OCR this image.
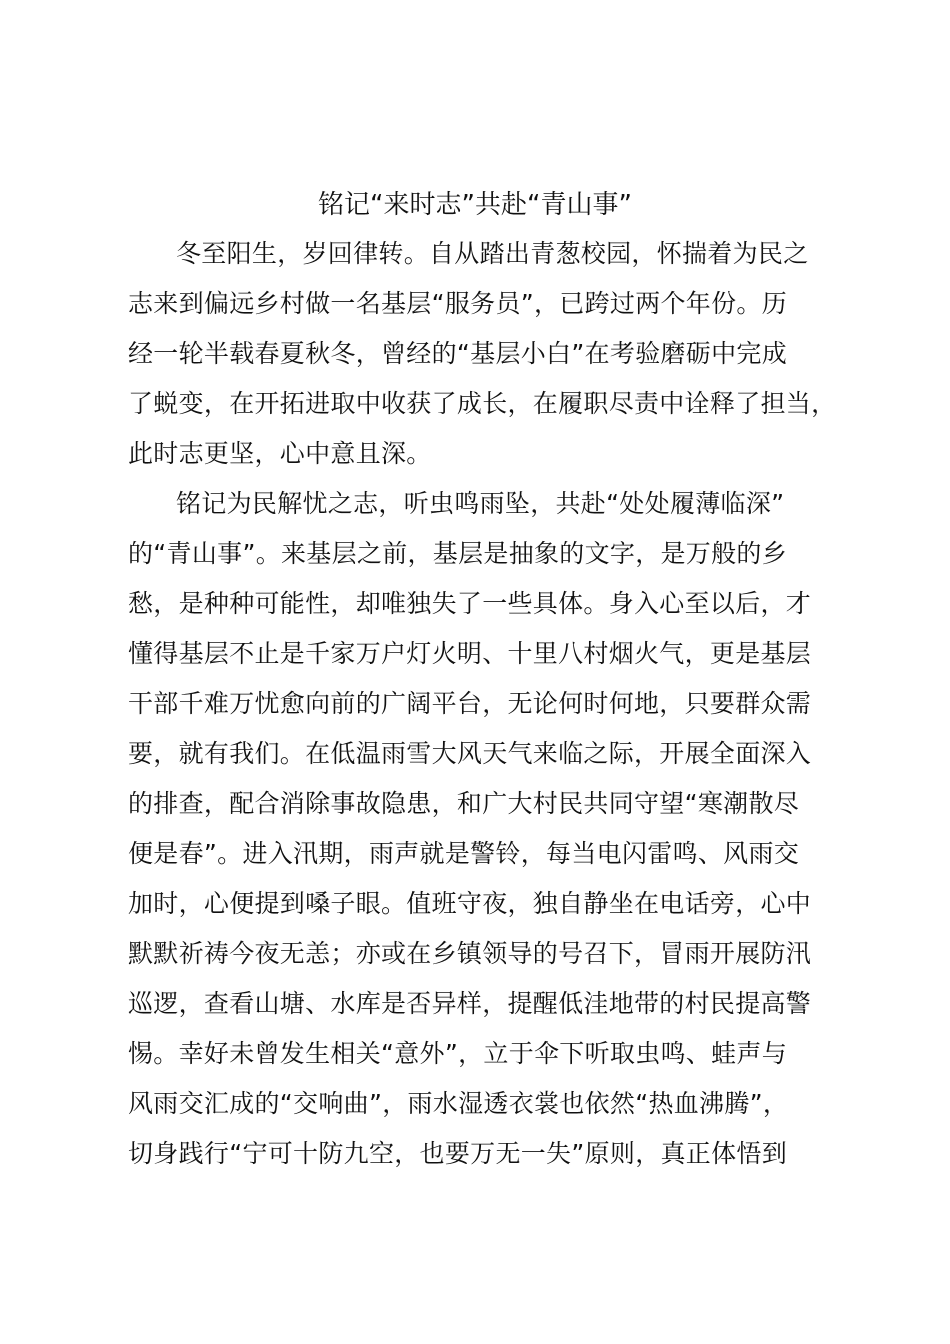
铭记“来时志”共赴“青山事”
冬至阳生，岁回律转。自从踏出青葱校园，怀揣着为民之
志来到偏远乡村做一名基层“服务员”，已跨过两个年份。历
经一轮半载春夏秋冬，曾经的“基层小白”在考验磨砺中完成
了蜕变，在开拓进取中收获了成长，在履职尽责中诠释了担当，
此时志更坚，心中意且深。
铭记为民解忧之志，听虫鸣雨坠，共赴“处处履薄临深”
的“青山事”。来基层之前，基层是抽象的文字，是万般的乡
愁，是种种可能性，却唯独失了一些具体。身入心至以后，才
懂得基层不止是千家万户灯火明、十里八村烟火气，更是基层
干部千难万忧愈向前的广阔平台，无论何时何地，只要群众需
要，就有我们。在低温雨雪大风天气来临之际，开展全面深入
的排查，配合消除事故隐患，和广大村民共同守望“寒潮散尽
便是春”。进入汛期，雨声就是警铃，每当电闪雷鸣、风雨交
加时，心便提到嗓子眼。值班守夜，独自静坐在电话旁，心中
默默祈祷今夜无恙；亦或在乡镇领导的号召下，冒雨开展防汛
巡逻，查看山塘、水库是否异样，提醒低洼地带的村民提高警
惕。幸好未曾发生相关“意外”，立于伞下听取虫鸣、蛙声与
风雨交汇成的“交响曲”，雨水湿透衣裳也依然“热血沸腾”，
切身践行“宁可十防九空，也要万无一失”原则，真正体悟到
